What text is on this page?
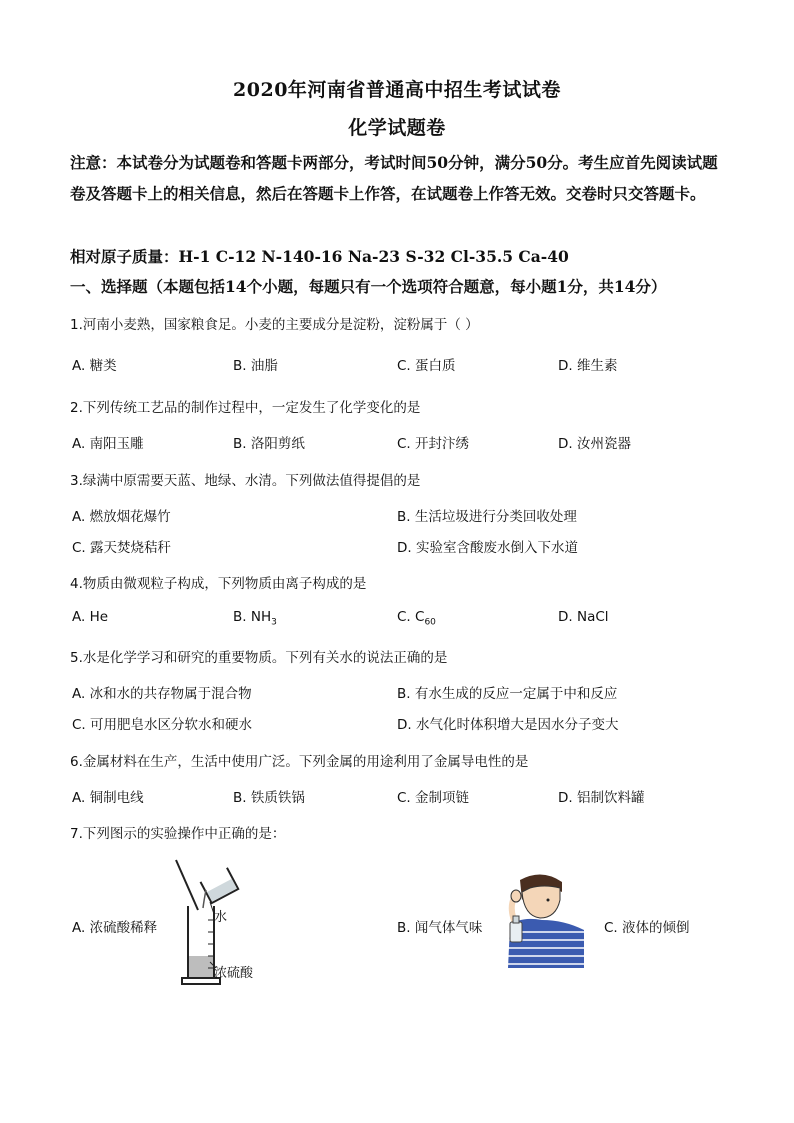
2020年河南省普通高中招生考试试卷
化学试题卷
注意：本试卷分为试题卷和答题卡两部分，考试时间50分钟，满分50分。考生应首先阅读试题卷及答题卡上的相关信息，然后在答题卡上作答，在试题卷上作答无效。交卷时只交答题卡。
相对原子质量：H-1 C-12 N-140-16 Na-23 S-32 Cl-35.5 Ca-40
一、选择题（本题包括14个小题，每题只有一个选项符合题意，每小题1分，共14分）
1.河南小麦熟，国家粮食足。小麦的主要成分是淀粉，淀粉属于（ ）
A. 糖类	B. 油脂	C. 蛋白质	D. 维生素
2.下列传统工艺品的制作过程中，一定发生了化学变化的是
A. 南阳玉雕	B. 洛阳剪纸	C. 开封汴绣	D. 汝州瓷器
3.绿满中原需要天蓝、地绿、水清。下列做法值得提倡的是
A. 燃放烟花爆竹	B. 生活垃圾进行分类回收处理
C. 露天焚烧秸秆	D. 实验室含酸废水倒入下水道
4.物质由微观粒子构成，下列物质由离子构成的是
A. He	B. $NH_3$	C. $C_{60}$	D. NaCl
5.水是化学学习和研究的重要物质。下列有关水的说法正确的是
A. 冰和水的共存物属于混合物	B. 有水生成的反应一定属于中和反应
C. 可用肥皂水区分软水和硬水	D. 水气化时体积增大是因水分子变大
6.金属材料在生产，生活中使用广泛。下列金属的用途利用了金属导电性的是
A. 铜制电线	B. 铁质铁锅	C. 金制项链	D. 铝制饮料罐
7.下列图示的实验操作中正确的是：
A. 浓硫酸稀释	B. 闻气体气味	C. 液体的倾倒
水
浓硫酸
